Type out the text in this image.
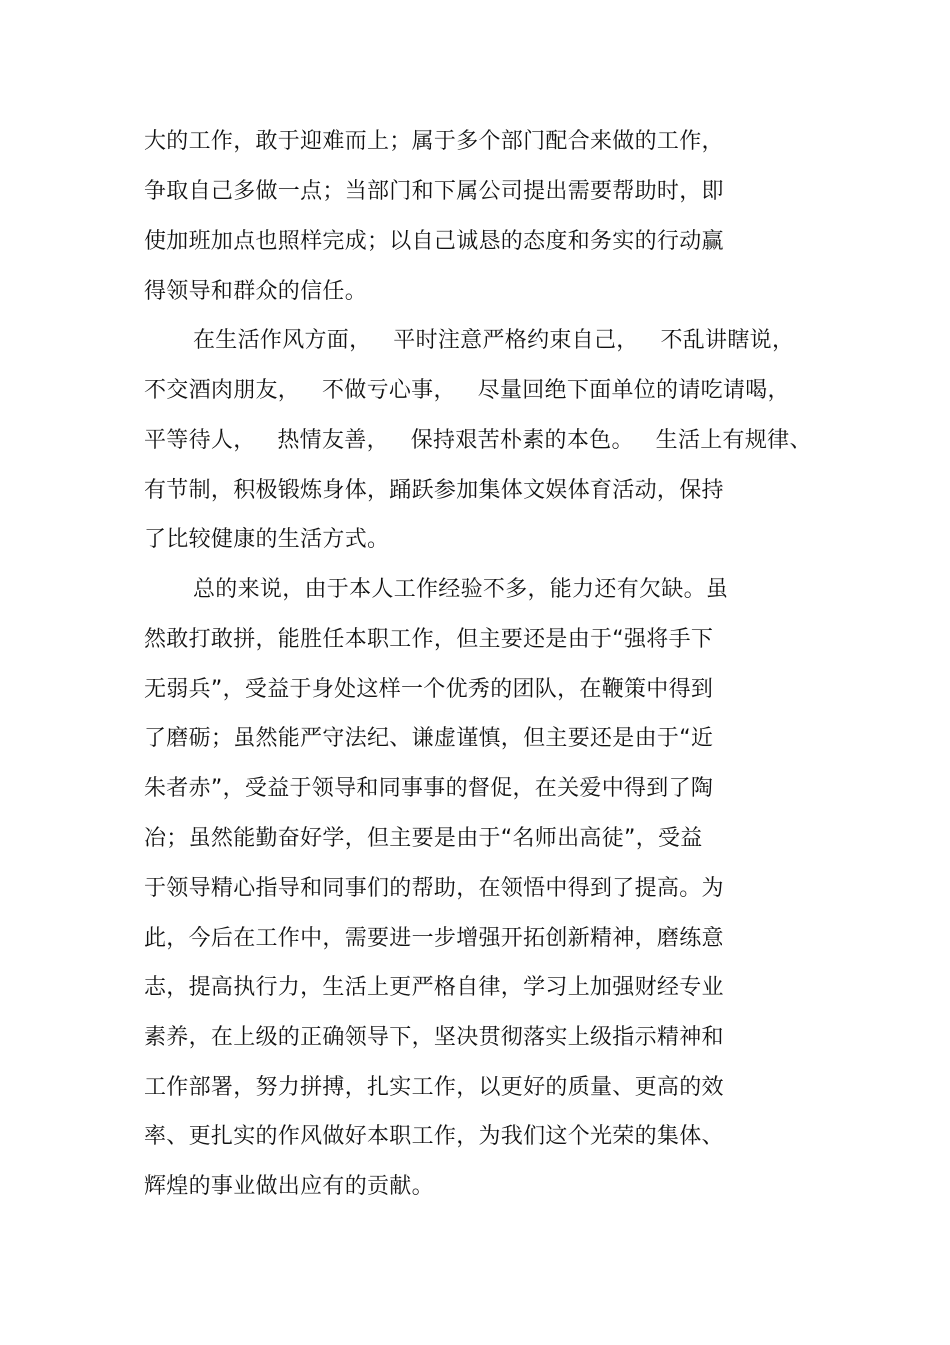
大的工作，敢于迎难而上；属于多个部门配合来做的工作，
争取自己多做一点；当部门和下属公司提出需要帮助时，即
使加班加点也照样完成；以自己诚恳的态度和务实的行动赢
得领导和群众的信任。
在生活作风方面，   平时注意严格约束自己，   不乱讲瞎说，
不交酒肉朋友，   不做亏心事，   尽量回绝下面单位的请吃请喝，
平等待人，   热情友善，   保持艰苦朴素的本色。   生活上有规律、
有节制，积极锻炼身体，踊跃参加集体文娱体育活动，保持
了比较健康的生活方式。
总的来说，由于本人工作经验不多，能力还有欠缺。虽
然敢打敢拼，能胜任本职工作，但主要还是由于“强将手下
无弱兵”，受益于身处这样一个优秀的团队，在鞭策中得到
了磨砺；虽然能严守法纪、谦虚谨慎，但主要还是由于“近
朱者赤”，受益于领导和同事事的督促，在关爱中得到了陶
冶；虽然能勤奋好学，但主要是由于“名师出高徒”，受益
于领导精心指导和同事们的帮助，在领悟中得到了提高。为
此，今后在工作中，需要进一步增强开拓创新精神，磨练意
志，提高执行力，生活上更严格自律，学习上加强财经专业
素养，在上级的正确领导下，坚决贯彻落实上级指示精神和
工作部署，努力拼搏，扎实工作，以更好的质量、更高的效
率、更扎实的作风做好本职工作，为我们这个光荣的集体、
辉煌的事业做出应有的贡献。
